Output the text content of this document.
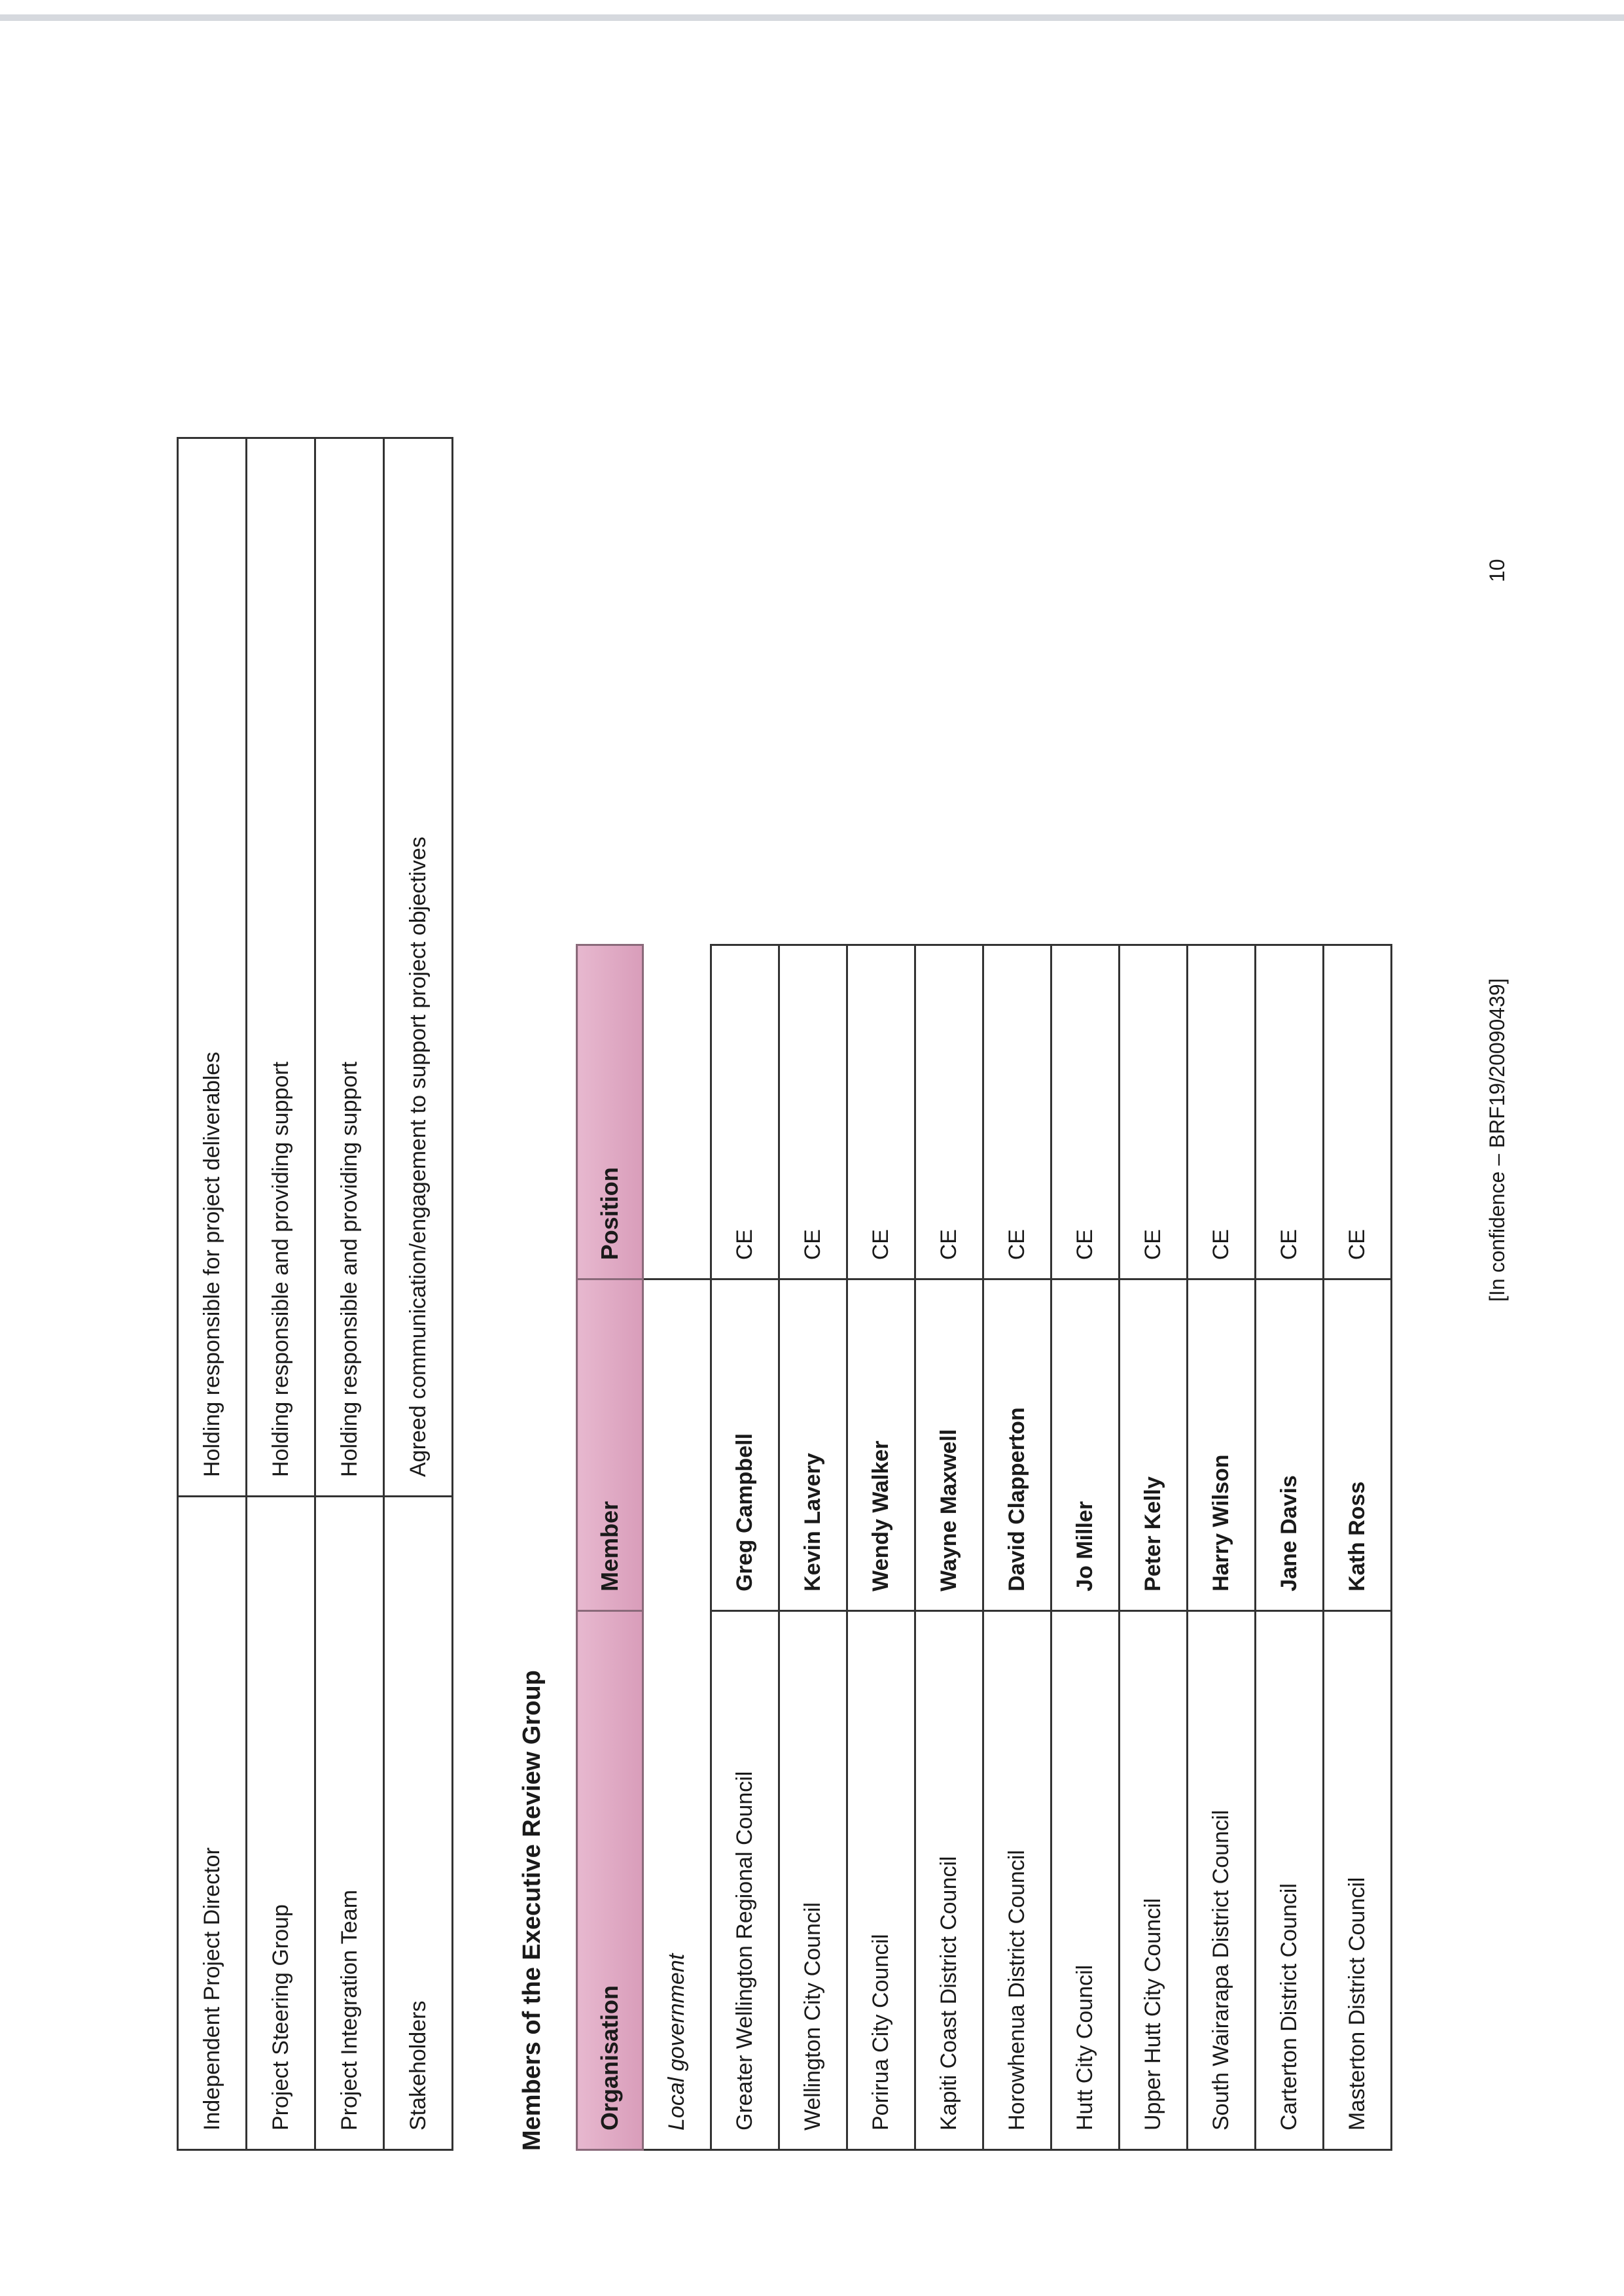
Independent Project Director	Holding responsible for project deliverables
Project Steering Group	Holding responsible and providing support
Project Integration Team	Holding responsible and providing support
Stakeholders	Agreed communication/engagement to support project objectives
Members of the Executive Review Group Organisation	Member	Position
Local government		
Greater Wellington Regional Council	Greg Campbell	CE
Wellington City Council	Kevin Lavery	CE
Porirua City Council	Wendy Walker	CE
Kapiti Coast District Council	Wayne Maxwell	CE
Horowhenua District Council	David Clapperton	CE
Hutt City Council	Jo Miller	CE
Upper Hutt City Council	Peter Kelly	CE
South Wairarapa District Council	Harry Wilson	CE
Carterton District Council	Jane Davis	CE
Masterton District Council	Kath Ross	CE	[In confidence – BRF19/20090439]
10
